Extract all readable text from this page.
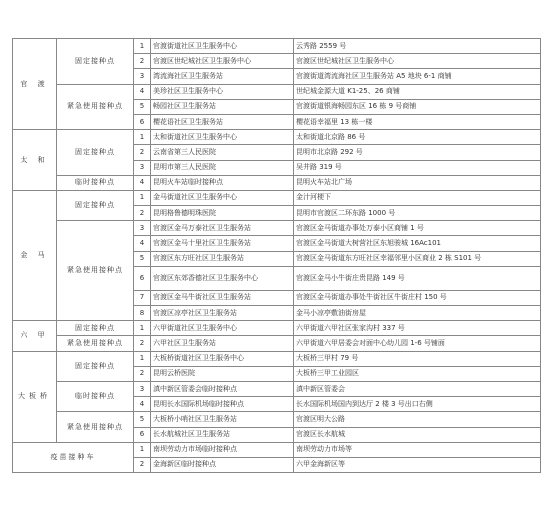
官 渡	固定接种点	1	官渡街道社区卫生服务中心	云秀路 2559 号
		2	官渡区世纪城社区卫生服务中心	官渡区世纪城社区卫生服务中心
		3	湾流海社区卫生服务站	官渡街道湾流海社区卫生服务站 A5 地块 6-1 商铺
	紧急使用接种点	4	美珍社区卫生服务中心	世纪城金源大道 K1-25、26 商铺
		5	畅园社区卫生服务站	官渡街道银海畅园东区 16 栋 9 号商铺
		6	樱花语社区卫生服务站	樱花语幸福里 13 栋一楼
太 和	固定接种点	1	太和街道社区卫生服务中心	太和街道北京路 86 号
		2	云南省第三人民医院	昆明市北京路 292 号
		3	昆明市第三人民医院	吴井路 319 号
	临时接种点	4	昆明火车站临时接种点	昆明火车站北广场
金 马	固定接种点	1	金马街道社区卫生服务中心	金汁河梗下
		2	昆明格鲁德明珠医院	昆明市官渡区二环东路 1000 号
	紧急使用接种点	3	官渡区金马万泰社区卫生服务站	官渡区金马街道办事处万泰小区商铺 1 号
		4	官渡区金马十里社区卫生服务站	官渡区金马街道大树营社区东旭骏城 16Ac101
		5	官渡区东方旺社区卫生服务站	官渡区金马街道东方旺社区幸福邻里小区商业 2 栋 S101 号
		6	官渡区东郊香德社区卫生服务中心	官渡区金马小牛街庄贵昆路 149 号
		7	官渡区金马牛街社区卫生服务站	官渡区金马街道办事处牛街社区牛街庄村 150 号
		8	官渡区凉亭社区卫生服务站	金马小凉亭敷油街房屋
六 甲	固定接种点	1	六甲街道社区卫生服务中心	六甲街道六甲社区张家沟村 337 号
	紧急使用接种点	2	六甲社区卫生服务站	六甲街道六甲居委会对面中心幼儿园 1-6 号铺面
大板桥	固定接种点	1	大板桥街道社区卫生服务中心	大板桥三甲村 79 号
		2	昆明云桥医院	大板桥三甲工业园区
	临时接种点	3	滇中新区管委会临时接种点	滇中新区管委会
		4	昆明长水国际机场临时接种点	长水国际机场国内到达厅 2 楼 3 号出口右侧
	紧急使用接种点	5	大板桥小哨社区卫生服务站	官渡区明大公路
		6	长水航城社区卫生服务站	官渡区长水航城
疫苗接种车		1	南坝劳动力市场临时接种点	南坝劳动力市场等
		2	金海新区临时接种点	六甲金海新区等
